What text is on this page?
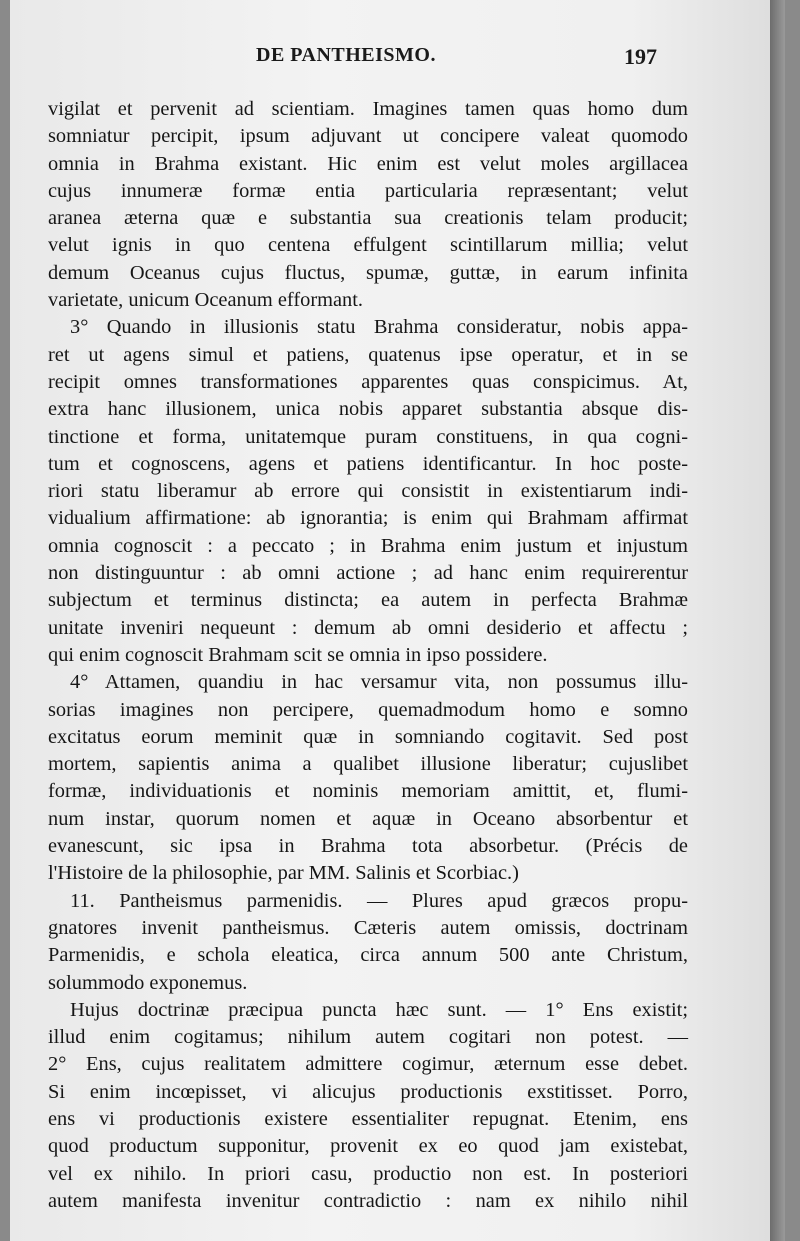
DE PANTHEISMO.	197

vigilat et pervenit ad scientiam. Imagines tamen quas homo dum
somniatur percipit, ipsum adjuvant ut concipere valeat quomodo
omnia in Brahma existant. Hic enim est velut moles argillacea
cujus innumeræ formæ entia particularia repræsentant; velut
aranea æterna quæ e substantia sua creationis telam producit;
velut ignis in quo centena effulgent scintillarum millia; velut
demum Oceanus cujus fluctus, spumæ, guttæ, in earum infinita
varietate, unicum Oceanum efformant.

3° Quando in illusionis statu Brahma consideratur, nobis appa-
ret ut agens simul et patiens, quatenus ipse operatur, et in se
recipit omnes transformationes apparentes quas conspicimus. At,
extra hanc illusionem, unica nobis apparet substantia absque dis-
tinctione et forma, unitatemque puram constituens, in qua cogni-
tum et cognoscens, agens et patiens identificantur. In hoc poste-
riori statu liberamur ab errore qui consistit in existentiarum indi-
vidualium affirmatione: ab ignorantia; is enim qui Brahmam affirmat
omnia cognoscit : a peccato ; in Brahma enim justum et injustum
non distinguuntur : ab omni actione ; ad hanc enim requirerentur
subjectum et terminus distincta; ea autem in perfecta Brahmæ
unitate inveniri nequeunt : demum ab omni desiderio et affectu ;
qui enim cognoscit Brahmam scit se omnia in ipso possidere.

4° Attamen, quandiu in hac versamur vita, non possumus illu-
sorias imagines non percipere, quemadmodum homo e somno
excitatus eorum meminit quæ in somniando cogitavit. Sed post
mortem, sapientis anima a qualibet illusione liberatur; cujuslibet
formæ, individuationis et nominis memoriam amittit, et, flumi-
num instar, quorum nomen et aquæ in Oceano absorbentur et
evanescunt, sic ipsa in Brahma tota absorbetur. (Précis de
l'Histoire de la philosophie, par MM. Salinis et Scorbiac.)

11. Pantheismus parmenidis. — Plures apud græcos propu-
gnatores invenit pantheismus. Cæteris autem omissis, doctrinam
Parmenidis, e schola eleatica, circa annum 500 ante Christum,
solummodo exponemus.

Hujus doctrinæ præcipua puncta hæc sunt. — 1° Ens existit;
illud enim cogitamus; nihilum autem cogitari non potest. —
2° Ens, cujus realitatem admittere cogimur, æternum esse debet.
Si enim incœpisset, vi alicujus productionis exstitisset. Porro,
ens vi productionis existere essentialiter repugnat. Etenim, ens
quod productum supponitur, provenit ex eo quod jam existebat,
vel ex nihilo. In priori casu, productio non est. In posteriori
autem manifesta invenitur contradictio : nam ex nihilo nihil
